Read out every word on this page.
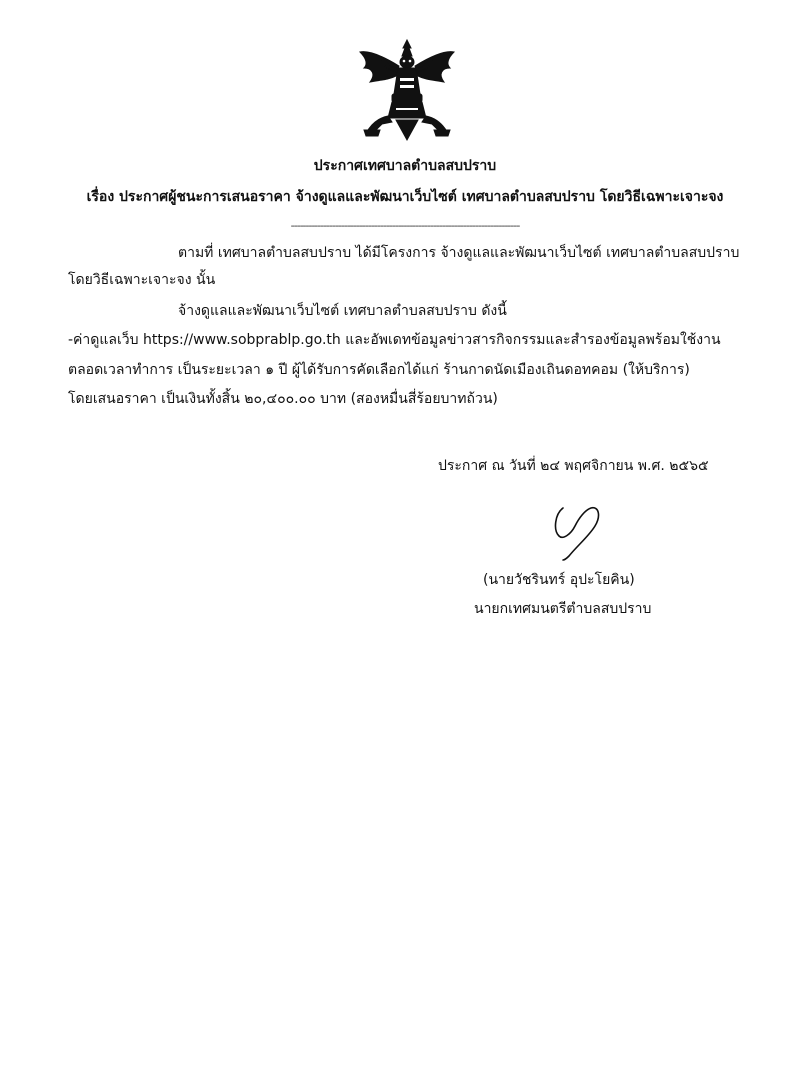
ประกาศเทศบาลตำบลสบปราบ
เรื่อง ประกาศผู้ชนะการเสนอราคา จ้างดูแลและพัฒนาเว็บไซต์ เทศบาลตำบลสบปราบ โดยวิธีเฉพาะเจาะจง
-----------------------------------------------------------------------------
ตามที่ เทศบาลตำบลสบปราบ ได้มีโครงการ จ้างดูแลและพัฒนาเว็บไซต์ เทศบาลตำบลสบปราบ
โดยวิธีเฉพาะเจาะจง นั้น
จ้างดูแลและพัฒนาเว็บไซต์ เทศบาลตำบลสบปราบ ดังนี้
-ค่าดูแลเว็บ https://www.sobprablp.go.th และอัพเดทข้อมูลข่าวสารกิจกรรมและสำรองข้อมูลพร้อมใช้งาน
ตลอดเวลาทำการ เป็นระยะเวลา ๑ ปี ผู้ได้รับการคัดเลือกได้แก่ ร้านกาดนัดเมืองเถินดอทคอม (ให้บริการ)
โดยเสนอราคา เป็นเงินทั้งสิ้น ๒๐,๔๐๐.๐๐ บาท (สองหมื่นสี่ร้อยบาทถ้วน)
ประกาศ ณ วันที่ ๒๔ พฤศจิกายน พ.ศ. ๒๕๖๕
(นายวัชรินทร์ อุปะโยคิน)
นายกเทศมนตรีตำบลสบปราบ
